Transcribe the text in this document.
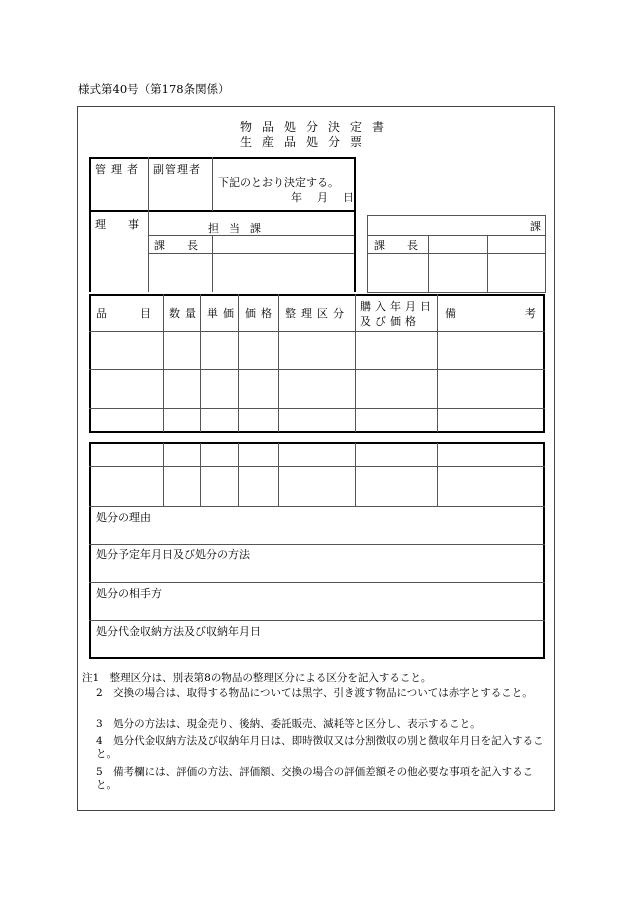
様式第40号（第178条関係）
物品処分決定書
生産品処分票
管理者 副管理者
下記のとおり決定する。
年　月　日
理　　事	担当課
課　　長
課
課　　長
品　　　目 数量 単価 価格 整理区分
購入年月日
及び価格
備　　　　考
処分の理由
処分予定年月日及び処分の方法
処分の相手方
処分代金収納方法及び収納年月日
注1　整理区分は、別表第8の物品の整理区分による区分を記入すること。
2　交換の場合は、取得する物品については黒字、引き渡す物品については赤字とすること。
3　処分の方法は、現金売り、後納、委託販売、滅耗等と区分し、表示すること。
4　処分代金収納方法及び収納年月日は、即時徴収又は分割徴収の別と徴収年月日を記入すること。
5　備考欄には、評価の方法、評価額、交換の場合の評価差額その他必要な事項を記入すること。
